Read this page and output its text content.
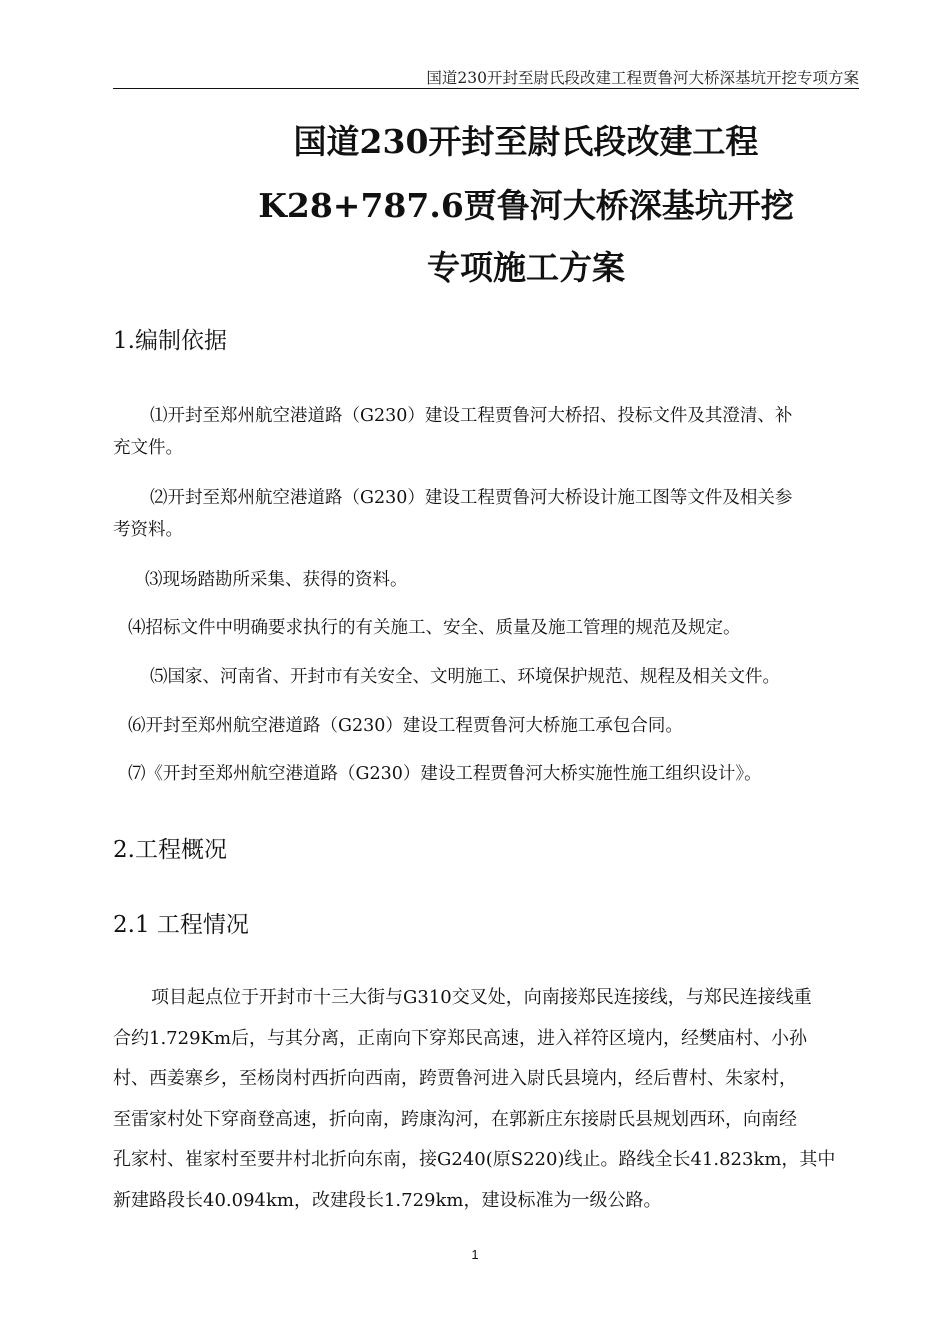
国道230开封至尉氏段改建工程贾鲁河大桥深基坑开挖专项方案
国道230开封至尉氏段改建工程
K28+787.6贾鲁河大桥深基坑开挖
专项施工方案
1.编制依据
⑴开封至郑州航空港道路（G230）建设工程贾鲁河大桥招、投标文件及其澄清、补
充文件。
⑵开封至郑州航空港道路（G230）建设工程贾鲁河大桥设计施工图等文件及相关参
考资料。
⑶现场踏勘所采集、获得的资料。
⑷招标文件中明确要求执行的有关施工、安全、质量及施工管理的规范及规定。
⑸国家、河南省、开封市有关安全、文明施工、环境保护规范、规程及相关文件。
⑹开封至郑州航空港道路（G230）建设工程贾鲁河大桥施工承包合同。
⑺《开封至郑州航空港道路（G230）建设工程贾鲁河大桥实施性施工组织设计》。
2.工程概况
2.1 工程情况
项目起点位于开封市十三大街与G310交叉处，向南接郑民连接线，与郑民连接线重
合约1.729Km后，与其分离，正南向下穿郑民高速，进入祥符区境内，经樊庙村、小孙
村、西姜寨乡，至杨岗村西折向西南，跨贾鲁河进入尉氏县境内，经后曹村、朱家村，
至雷家村处下穿商登高速，折向南，跨康沟河，在郭新庄东接尉氏县规划西环，向南经
孔家村、崔家村至要井村北折向东南，接G240(原S220)线止。路线全长41.823km，其中
新建路段长40.094km，改建段长1.729km，建设标准为一级公路。
1
